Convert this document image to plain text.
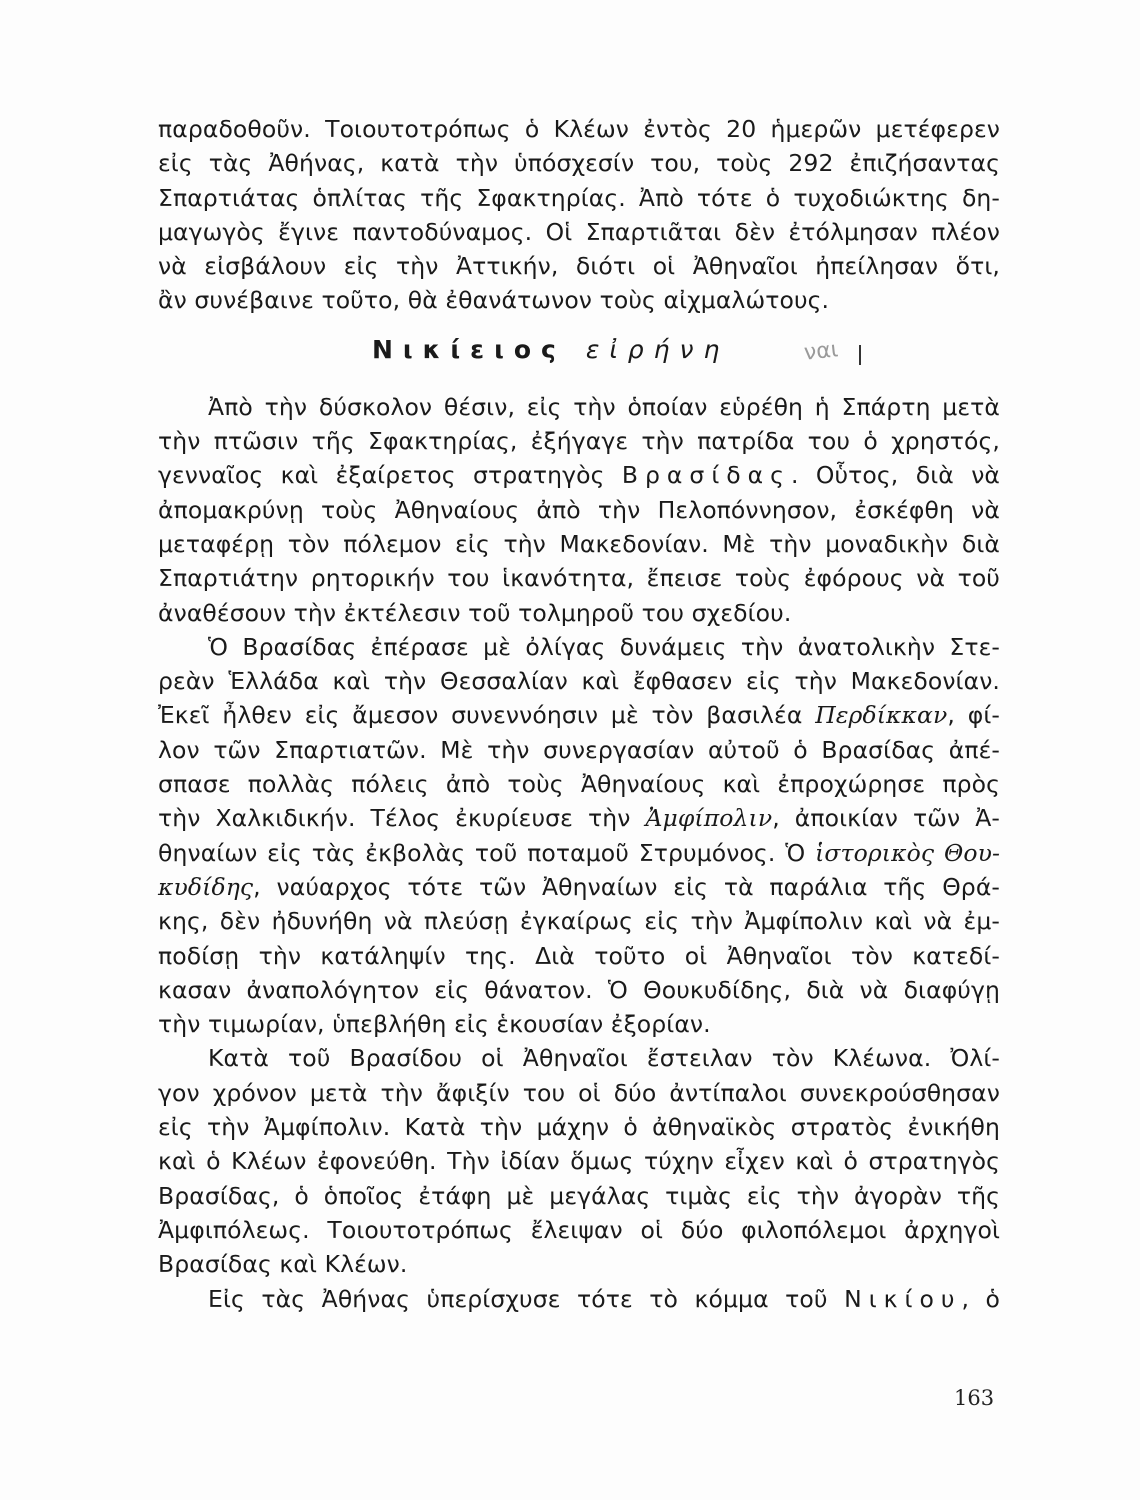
παραδοθοῦν. Τοιουτοτρόπως ὁ Κλέων ἐντὸς 20 ἡμερῶν μετέφερεν
εἰς τὰς Ἀθήνας, κατὰ τὴν ὑπόσχεσίν του, τοὺς 292 ἐπιζήσαντας
Σπαρτιάτας ὁπλίτας τῆς Σφακτηρίας. Ἀπὸ τότε ὁ τυχοδιώκτης δη-
μαγωγὸς ἔγινε παντοδύναμος. Οἱ Σπαρτιᾶται δὲν ἐτόλμησαν πλέον
νὰ εἰσβάλουν εἰς τὴν Ἀττικήν, διότι οἱ Ἀθηναῖοι ἠπείλησαν ὅτι,
ἂν συνέβαινε τοῦτο, θὰ ἐθανάτωνον τοὺς αἰχμαλώτους.
Νικίειος εἰρήνη	ναι
Ἀπὸ τὴν δύσκολον θέσιν, εἰς τὴν ὁποίαν εὑρέθη ἡ Σπάρτη μετὰ
τὴν πτῶσιν τῆς Σφακτηρίας, ἐξήγαγε τὴν πατρίδα του ὁ χρηστός,
γενναῖος καὶ ἐξαίρετος στρατηγὸς Βρασίδας. Οὗτος, διὰ νὰ
ἀπομακρύνῃ τοὺς Ἀθηναίους ἀπὸ τὴν Πελοπόννησον, ἐσκέφθη νὰ
μεταφέρῃ τὸν πόλεμον εἰς τὴν Μακεδονίαν. Μὲ τὴν μοναδικὴν διὰ
Σπαρτιάτην ρητορικήν του ἱκανότητα, ἔπεισε τοὺς ἐφόρους νὰ τοῦ
ἀναθέσουν τὴν ἐκτέλεσιν τοῦ τολμηροῦ του σχεδίου.
Ὁ Βρασίδας ἐπέρασε μὲ ὀλίγας δυνάμεις τὴν ἀνατολικὴν Στε-
ρεὰν Ἑλλάδα καὶ τὴν Θεσσαλίαν καὶ ἔφθασεν εἰς τὴν Μακεδονίαν.
Ἐκεῖ ἦλθεν εἰς ἄμεσον συνεννόησιν μὲ τὸν βασιλέα Περδίκκαν, φί-
λον τῶν Σπαρτιατῶν. Μὲ τὴν συνεργασίαν αὐτοῦ ὁ Βρασίδας ἀπέ-
σπασε πολλὰς πόλεις ἀπὸ τοὺς Ἀθηναίους καὶ ἐπροχώρησε πρὸς
τὴν Χαλκιδικήν. Τέλος ἐκυρίευσε τὴν Ἀμφίπολιν, ἀποικίαν τῶν Ἀ-
θηναίων εἰς τὰς ἐκβολὰς τοῦ ποταμοῦ Στρυμόνος. Ὁ ἱστορικὸς Θου-
κυδίδης, ναύαρχος τότε τῶν Ἀθηναίων εἰς τὰ παράλια τῆς Θρά-
κης, δὲν ἠδυνήθη νὰ πλεύσῃ ἐγκαίρως εἰς τὴν Ἀμφίπολιν καὶ νὰ ἐμ-
ποδίσῃ τὴν κατάληψίν της. Διὰ τοῦτο οἱ Ἀθηναῖοι τὸν κατεδί-
κασαν ἀναπολόγητον εἰς θάνατον. Ὁ Θουκυδίδης, διὰ νὰ διαφύγῃ
τὴν τιμωρίαν, ὑπεβλήθη εἰς ἑκουσίαν ἐξορίαν.
Κατὰ τοῦ Βρασίδου οἱ Ἀθηναῖοι ἔστειλαν τὸν Κλέωνα. Ὀλί-
γον χρόνον μετὰ τὴν ἄφιξίν του οἱ δύο ἀντίπαλοι συνεκρούσθησαν
εἰς τὴν Ἀμφίπολιν. Κατὰ τὴν μάχην ὁ ἀθηναϊκὸς στρατὸς ἐνικήθη
καὶ ὁ Κλέων ἐφονεύθη. Τὴν ἰδίαν ὅμως τύχην εἶχεν καὶ ὁ στρατηγὸς
Βρασίδας, ὁ ὁποῖος ἐτάφη μὲ μεγάλας τιμὰς εἰς τὴν ἀγορὰν τῆς
Ἀμφιπόλεως. Τοιουτοτρόπως ἔλειψαν οἱ δύο φιλοπόλεμοι ἀρχηγοὶ
Βρασίδας καὶ Κλέων.
Εἰς τὰς Ἀθήνας ὑπερίσχυσε τότε τὸ κόμμα τοῦ Νικίου, ὁ
163
